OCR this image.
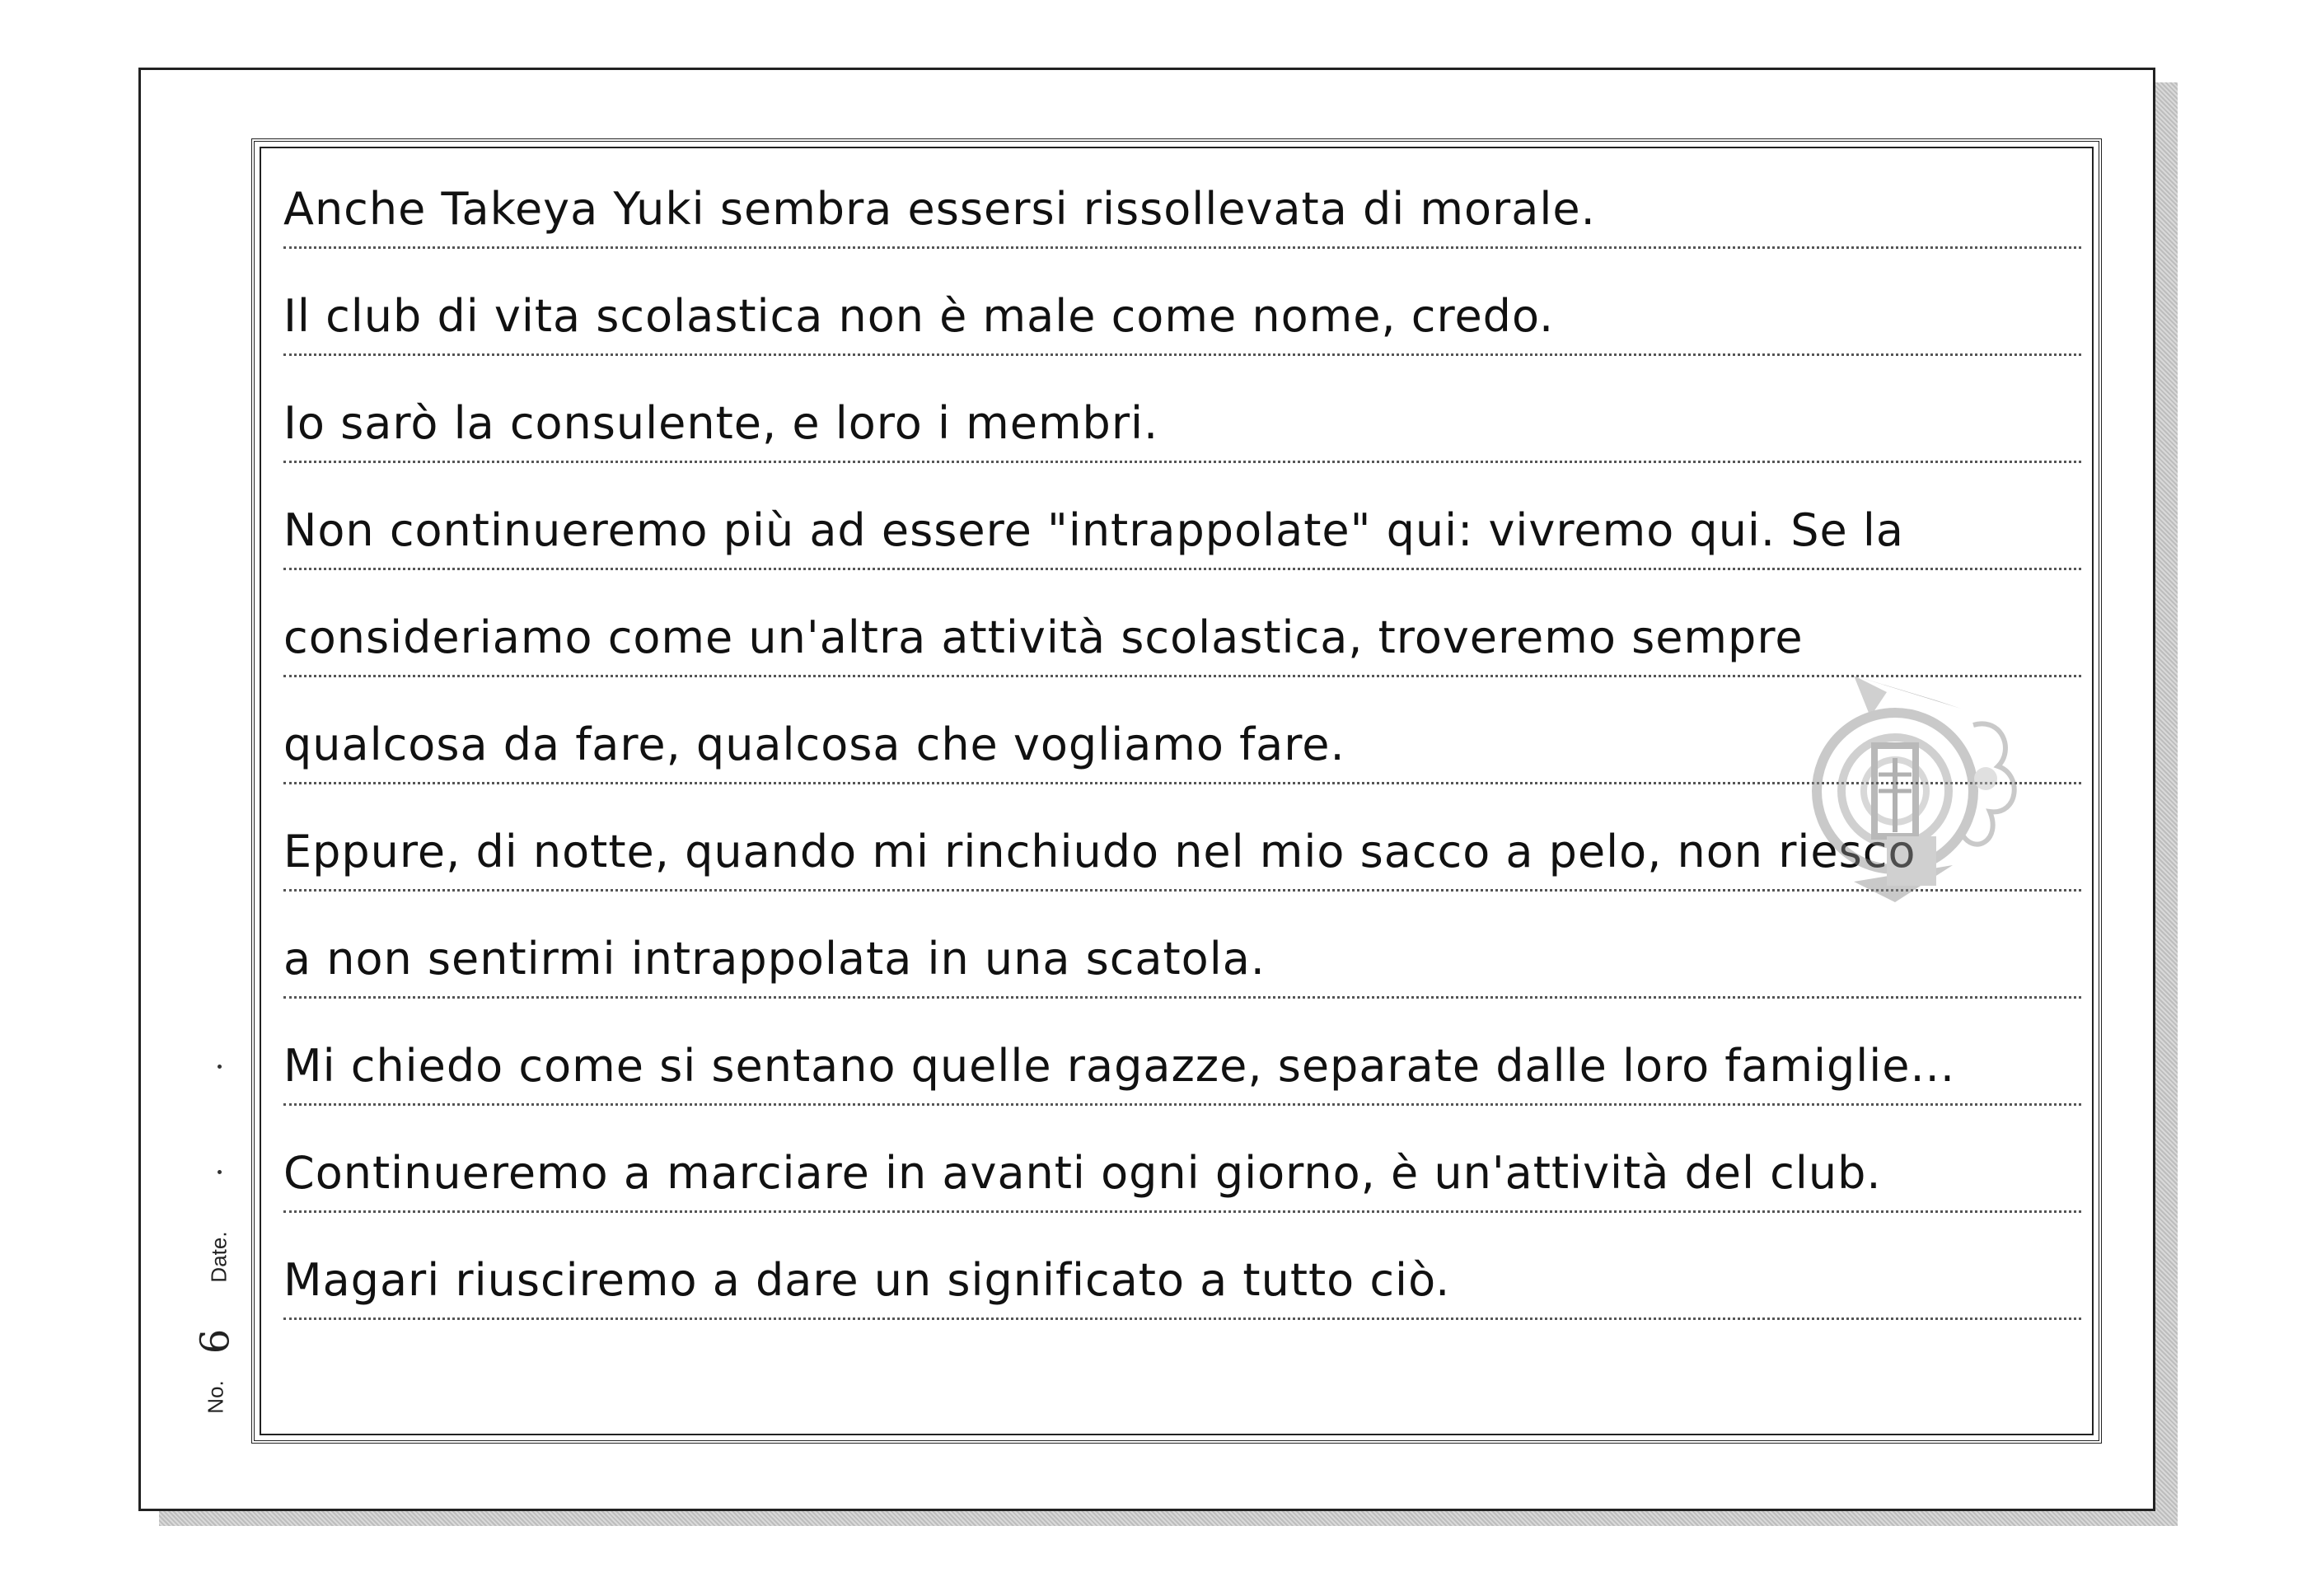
No.
6
Date.
Anche Takeya Yuki sembra essersi rissollevata di morale.
Il club di vita scolastica non è male come nome, credo.
Io sarò la consulente, e loro i membri.
Non continueremo più ad essere "intrappolate" qui: vivremo qui. Se la
consideriamo come un'altra attività scolastica, troveremo sempre
qualcosa da fare, qualcosa che vogliamo fare.
Eppure, di notte, quando mi rinchiudo nel mio sacco a pelo, non riesco
a non sentirmi intrappolata in una scatola.
Mi chiedo come si sentano quelle ragazze, separate dalle loro famiglie...
Continueremo a marciare in avanti ogni giorno, è un'attività del club.
Magari riusciremo a dare un significato a tutto ciò.
